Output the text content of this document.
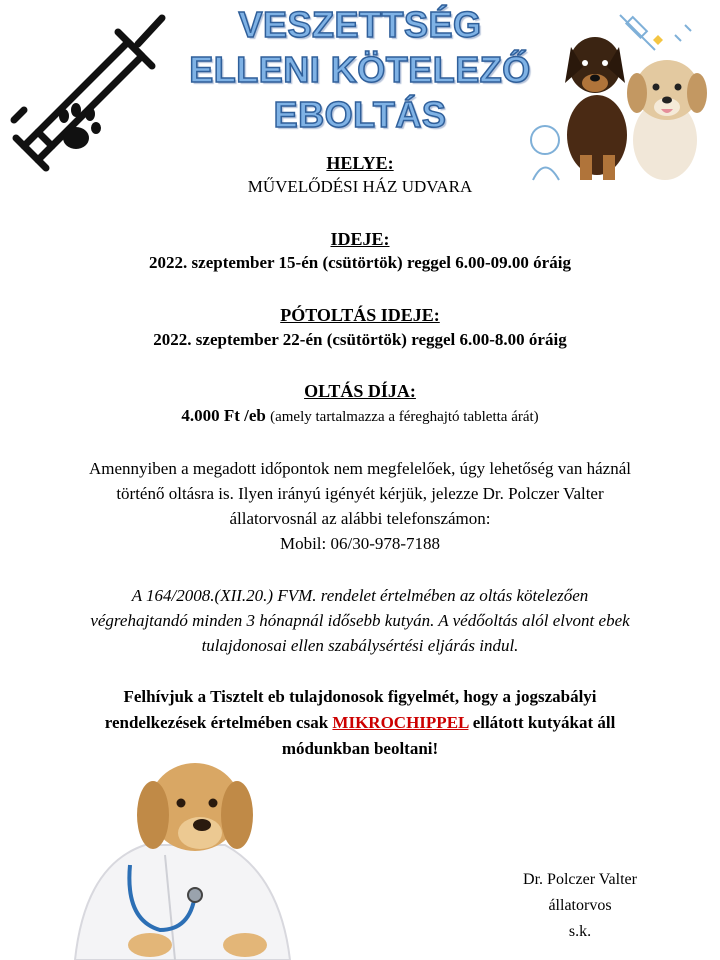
VESZETTSÉG
ELLENI KÖTELEZŐ
EBOLTÁS
HELYE:
MŰVELŐDÉSI HÁZ UDVARA
IDEJE:
2022. szeptember 15-én (csütörtök) reggel 6.00-09.00 óráig
PÓTOLTÁS IDEJE:
2022. szeptember 22-én (csütörtök) reggel 6.00-8.00 óráig
OLTÁS DÍJA:
4.000 Ft /eb (amely tartalmazza a féreghajtó tabletta árát)
Amennyiben a megadott időpontok nem megfelelőek, úgy lehetőség van háznál
történő oltásra is. Ilyen irányú igényét kérjük, jelezze Dr. Polczer Valter
állatorvosnál az alábbi telefonszámon:
Mobil: 06/30-978-7188
A 164/2008.(XII.20.) FVM. rendelet értelmében az oltás kötelezően
végrehajtandó minden 3 hónapnál idősebb kutyán. A védőoltás alól elvont ebek
tulajdonosai ellen szabálysértési eljárás indul.
Felhívjuk a Tisztelt eb tulajdonosok figyelmét, hogy a jogszabályi
rendelkezések értelmében csak MIKROCHIPPEL ellátott kutyákat áll
módunkban beoltani!
Dr. Polczer Valter
állatorvos
s.k.
